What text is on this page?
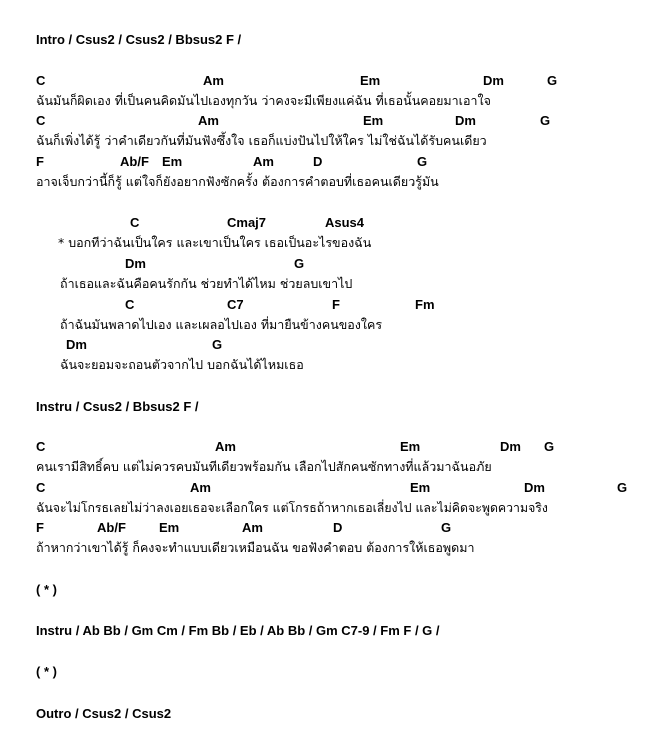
Intro / Csus2 / Csus2 / Bbsus2 F /
C	Am	Em	Dm	G
ฉันมันก็ผิดเอง ที่เป็นคนคิดมันไปเองทุกวัน ว่าคงจะมีเพียงแค่ฉัน ที่เธอนั้นคอยมาเอาใจ
C	Am	Em	Dm	G
ฉันก็เพิ่งได้รู้ ว่าคำเดียวกันที่มันฟังซึ้งใจ เธอก็แบ่งปันไปให้ใคร ไม่ใช่ฉันได้รับคนเดียว
F	Ab/F Em	Am	D	G
อาจเจ็บกว่านี้ก็รู้ แต่ใจก็ยังอยากฟังซักครั้ง ต้องการคำตอบที่เธอคนเดียวรู้มัน
C	Cmaj7	Asus4
* บอกทีว่าฉันเป็นใคร และเขาเป็นใคร เธอเป็นอะไรของฉัน
Dm	G
ถ้าเธอและฉันคือคนรักกัน ช่วยทำได้ไหม ช่วยลบเขาไป
C	C7	F	Fm
ถ้าฉันมันพลาดไปเอง และเผลอไปเอง ที่มายืนข้างคนของใคร
Dm	G
ฉันจะยอมจะถอนตัวจากไป บอกฉันได้ไหมเธอ
Instru / Csus2 / Bbsus2 F /
C	Am	Em	Dm G
คนเรามีสิทธิ์คบ แต่ไม่ควรคบมันทีเดียวพร้อมกัน เลือกไปสักคนซักทางที่แล้วมาฉันอภัย
C	Am	Em	Dm	G
ฉันจะไม่โกรธเลยไม่ว่าลงเอยเธอจะเลือกใคร แต่โกรธถ้าหากเธอเลี่ยงไป และไม่คิดจะพูดความจริง
F	Ab/F	Em	Am	D	G
ถ้าหากว่าเขาได้รู้ ก็คงจะทำแบบเดียวเหมือนฉัน ขอฟังคำตอบ ต้องการให้เธอพูดมา
( * )
Instru / Ab Bb / Gm Cm / Fm Bb / Eb / Ab Bb / Gm C7-9 / Fm F / G /
( * )
Outro / Csus2 / Csus2
